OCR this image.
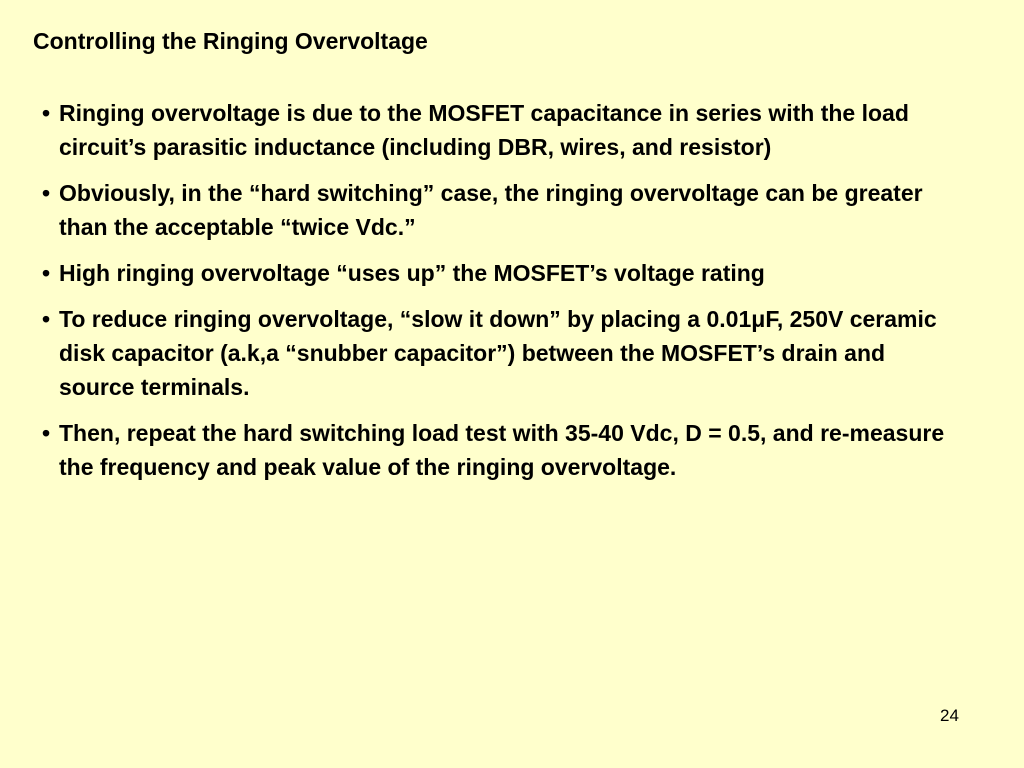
Controlling the Ringing Overvoltage
• Ringing overvoltage is due to the MOSFET capacitance in series with the load circuit’s parasitic inductance (including DBR, wires, and resistor)
• Obviously, in the “hard switching” case, the ringing overvoltage can be greater than the acceptable “twice Vdc.”
• High ringing overvoltage “uses up” the MOSFET’s voltage rating
• To reduce ringing overvoltage, “slow it down” by placing a 0.01μF, 250V ceramic disk capacitor (a.k,a “snubber capacitor”) between the MOSFET’s drain and source terminals.
• Then, repeat the hard switching load test with 35-40 Vdc, D = 0.5, and re-measure the frequency and peak value of the ringing overvoltage.
24
